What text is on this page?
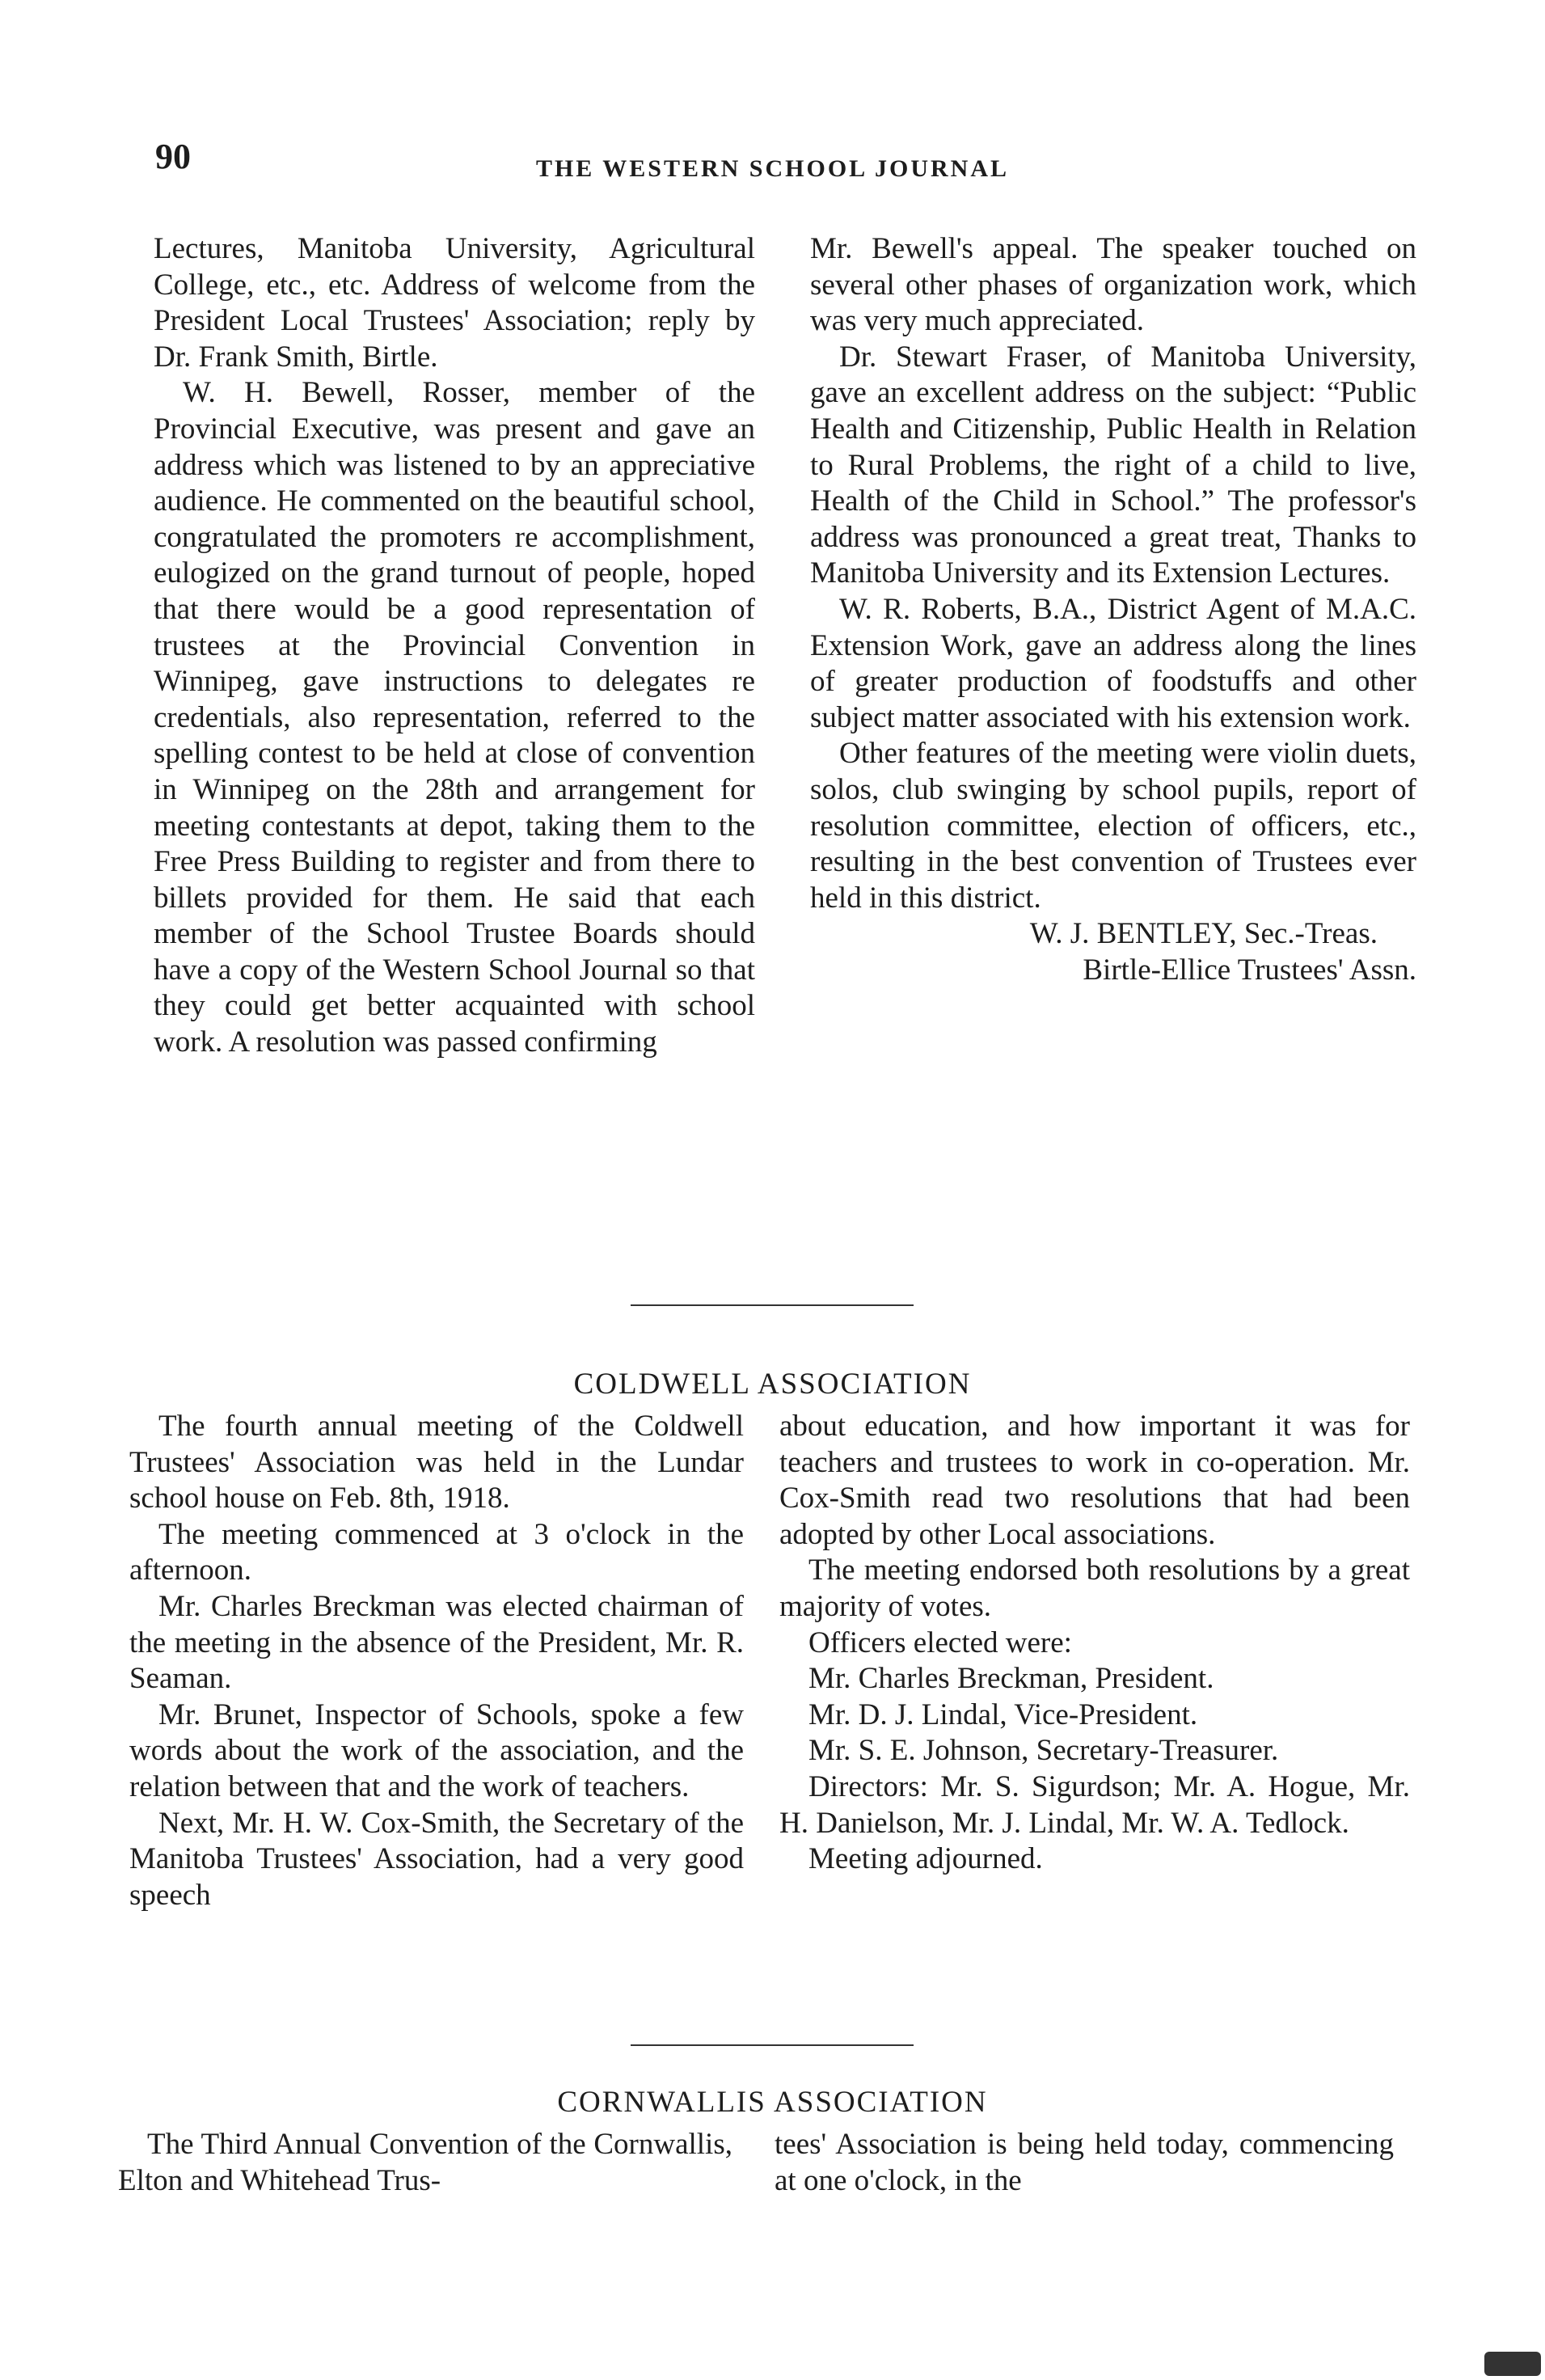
90	THE WESTERN SCHOOL JOURNAL

Lectures, Manitoba University, Agricultural College, etc., etc. Address of welcome from the President Local Trustees' Association; reply by Dr. Frank Smith, Birtle.

W. H. Bewell, Rosser, member of the Provincial Executive, was present and gave an address which was listened to by an appreciative audience. He commented on the beautiful school, congratulated the promoters re accomplishment, eulogized on the grand turnout of people, hoped that there would be a good representation of trustees at the Provincial Convention in Winnipeg, gave instructions to delegates re credentials, also representation, referred to the spelling contest to be held at close of convention in Winnipeg on the 28th and arrangement for meeting contestants at depot, taking them to the Free Press Building to register and from there to billets provided for them. He said that each member of the School Trustee Boards should have a copy of the Western School Journal so that they could get better acquainted with school work. A resolution was passed confirming

Mr. Bewell's appeal. The speaker touched on several other phases of organization work, which was very much appreciated.

Dr. Stewart Fraser, of Manitoba University, gave an excellent address on the subject: “Public Health and Citizenship, Public Health in Relation to Rural Problems, the right of a child to live, Health of the Child in School.” The professor's address was pronounced a great treat, Thanks to Manitoba University and its Extension Lectures.

W. R. Roberts, B.A., District Agent of M.A.C. Extension Work, gave an address along the lines of greater production of foodstuffs and other subject matter associated with his extension work.

Other features of the meeting were violin duets, solos, club swinging by school pupils, report of resolution committee, election of officers, etc., resulting in the best convention of Trustees ever held in this district.

W. J. BENTLEY, Sec.-Treas.

Birtle-Ellice Trustees' Assn.

COLDWELL ASSOCIATION

The fourth annual meeting of the Coldwell Trustees' Association was held in the Lundar school house on Feb. 8th, 1918.

The meeting commenced at 3 o'clock in the afternoon.

Mr. Charles Breckman was elected chairman of the meeting in the absence of the President, Mr. R. Seaman.

Mr. Brunet, Inspector of Schools, spoke a few words about the work of the association, and the relation between that and the work of teachers.

Next, Mr. H. W. Cox-Smith, the Secretary of the Manitoba Trustees' Association, had a very good speech

about education, and how important it was for teachers and trustees to work in co-operation. Mr. Cox-Smith read two resolutions that had been adopted by other Local associations.

The meeting endorsed both resolutions by a great majority of votes.

Officers elected were:

Mr. Charles Breckman, President.

Mr. D. J. Lindal, Vice-President.

Mr. S. E. Johnson, Secretary-Treasurer.

Directors: Mr. S. Sigurdson; Mr. A. Hogue, Mr. H. Danielson, Mr. J. Lindal, Mr. W. A. Tedlock.

Meeting adjourned.

CORNWALLIS ASSOCIATION

The Third Annual Convention of the Cornwallis, Elton and Whitehead Trus-

tees' Association is being held today, commencing at one o'clock, in the
